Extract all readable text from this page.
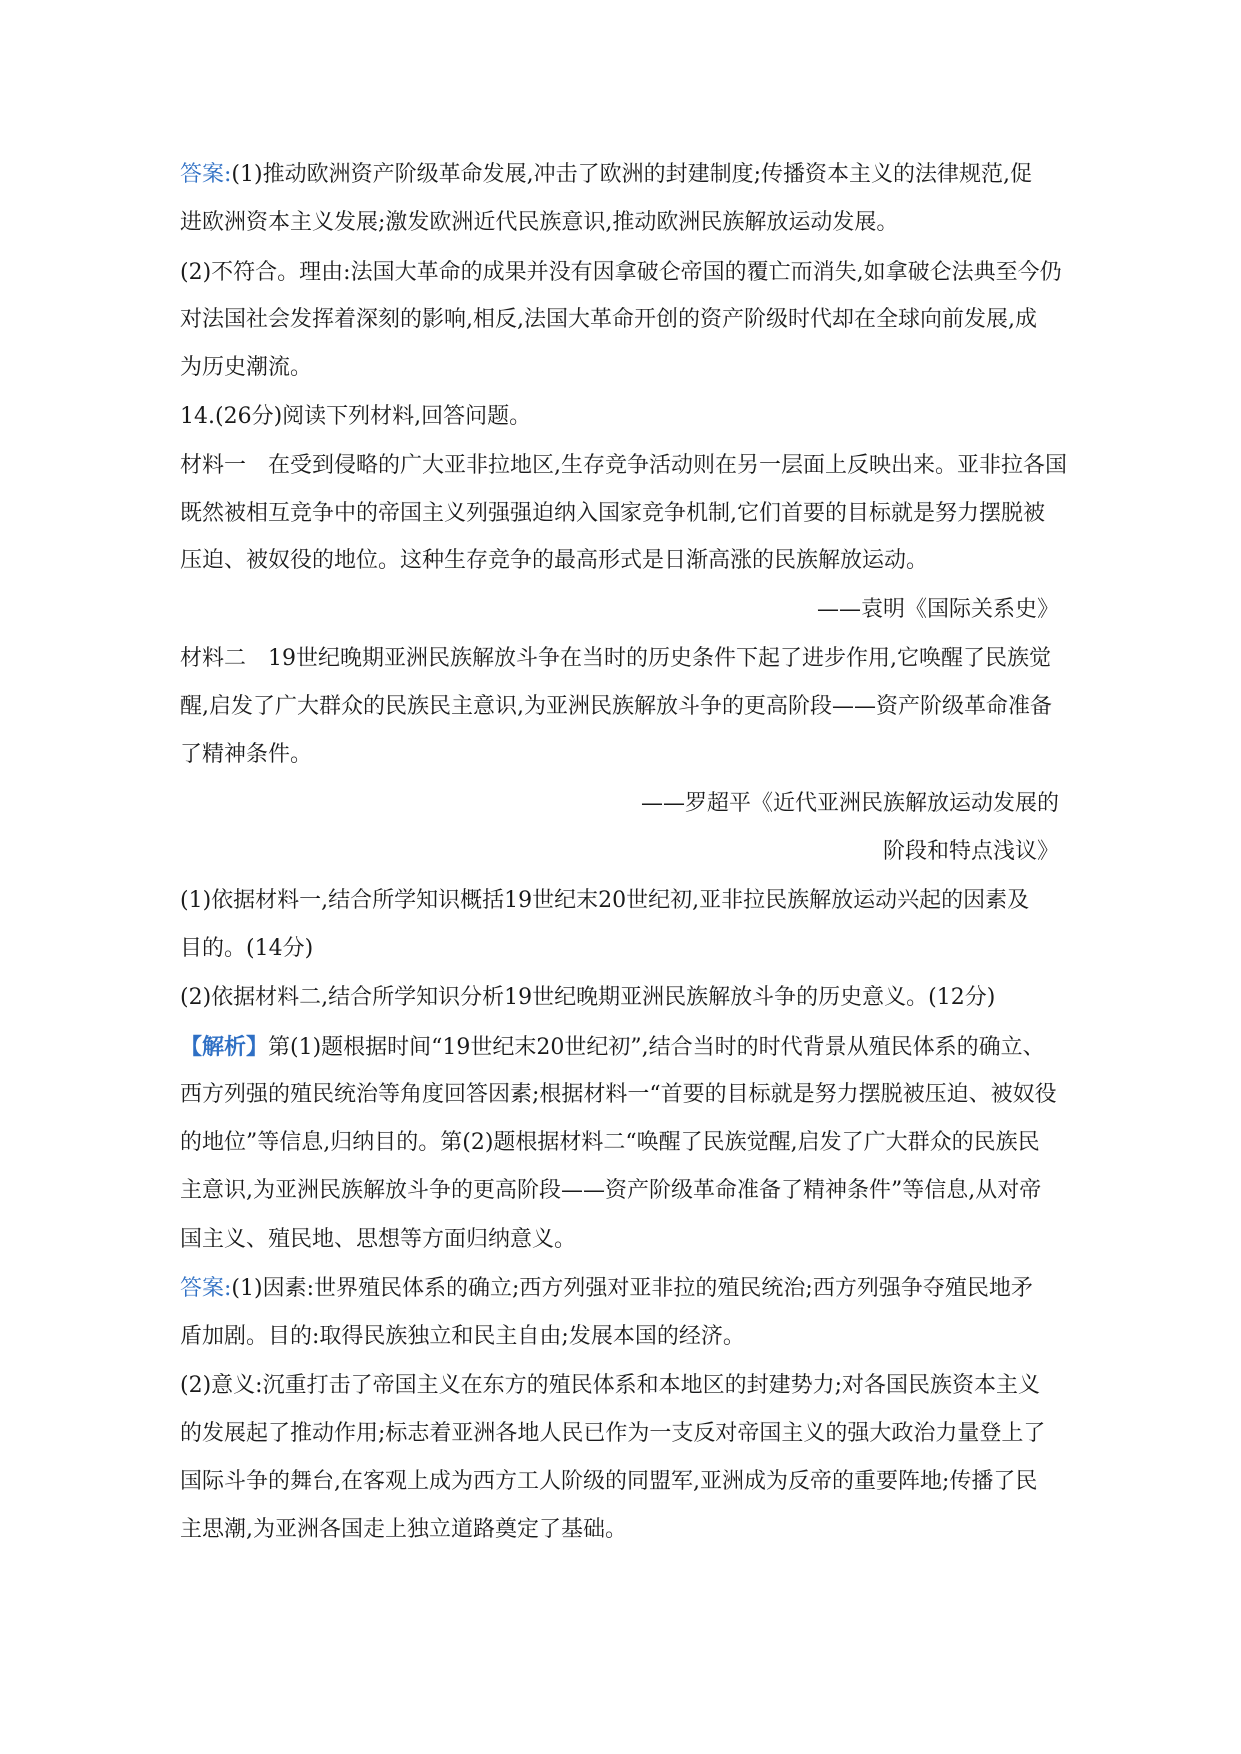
答案:(1)推动欧洲资产阶级革命发展,冲击了欧洲的封建制度;传播资本主义的法律规范,促
进欧洲资本主义发展;激发欧洲近代民族意识,推动欧洲民族解放运动发展。
(2)不符合。理由:法国大革命的成果并没有因拿破仑帝国的覆亡而消失,如拿破仑法典至今仍
对法国社会发挥着深刻的影响,相反,法国大革命开创的资产阶级时代却在全球向前发展,成
为历史潮流。
14.(26分)阅读下列材料,回答问题。
材料一　在受到侵略的广大亚非拉地区,生存竞争活动则在另一层面上反映出来。亚非拉各国
既然被相互竞争中的帝国主义列强强迫纳入国家竞争机制,它们首要的目标就是努力摆脱被
压迫、被奴役的地位。这种生存竞争的最高形式是日渐高涨的民族解放运动。
——袁明《国际关系史》
材料二　19世纪晚期亚洲民族解放斗争在当时的历史条件下起了进步作用,它唤醒了民族觉
醒,启发了广大群众的民族民主意识,为亚洲民族解放斗争的更高阶段——资产阶级革命准备
了精神条件。
——罗超平《近代亚洲民族解放运动发展的
阶段和特点浅议》
(1)依据材料一,结合所学知识概括19世纪末20世纪初,亚非拉民族解放运动兴起的因素及
目的。(14分)
(2)依据材料二,结合所学知识分析19世纪晚期亚洲民族解放斗争的历史意义。(12分)
【解析】第(1)题根据时间“19世纪末20世纪初”,结合当时的时代背景从殖民体系的确立、
西方列强的殖民统治等角度回答因素;根据材料一“首要的目标就是努力摆脱被压迫、被奴役
的地位”等信息,归纳目的。第(2)题根据材料二“唤醒了民族觉醒,启发了广大群众的民族民
主意识,为亚洲民族解放斗争的更高阶段——资产阶级革命准备了精神条件”等信息,从对帝
国主义、殖民地、思想等方面归纳意义。
答案:(1)因素:世界殖民体系的确立;西方列强对亚非拉的殖民统治;西方列强争夺殖民地矛
盾加剧。目的:取得民族独立和民主自由;发展本国的经济。
(2)意义:沉重打击了帝国主义在东方的殖民体系和本地区的封建势力;对各国民族资本主义
的发展起了推动作用;标志着亚洲各地人民已作为一支反对帝国主义的强大政治力量登上了
国际斗争的舞台,在客观上成为西方工人阶级的同盟军,亚洲成为反帝的重要阵地;传播了民
主思潮,为亚洲各国走上独立道路奠定了基础。
